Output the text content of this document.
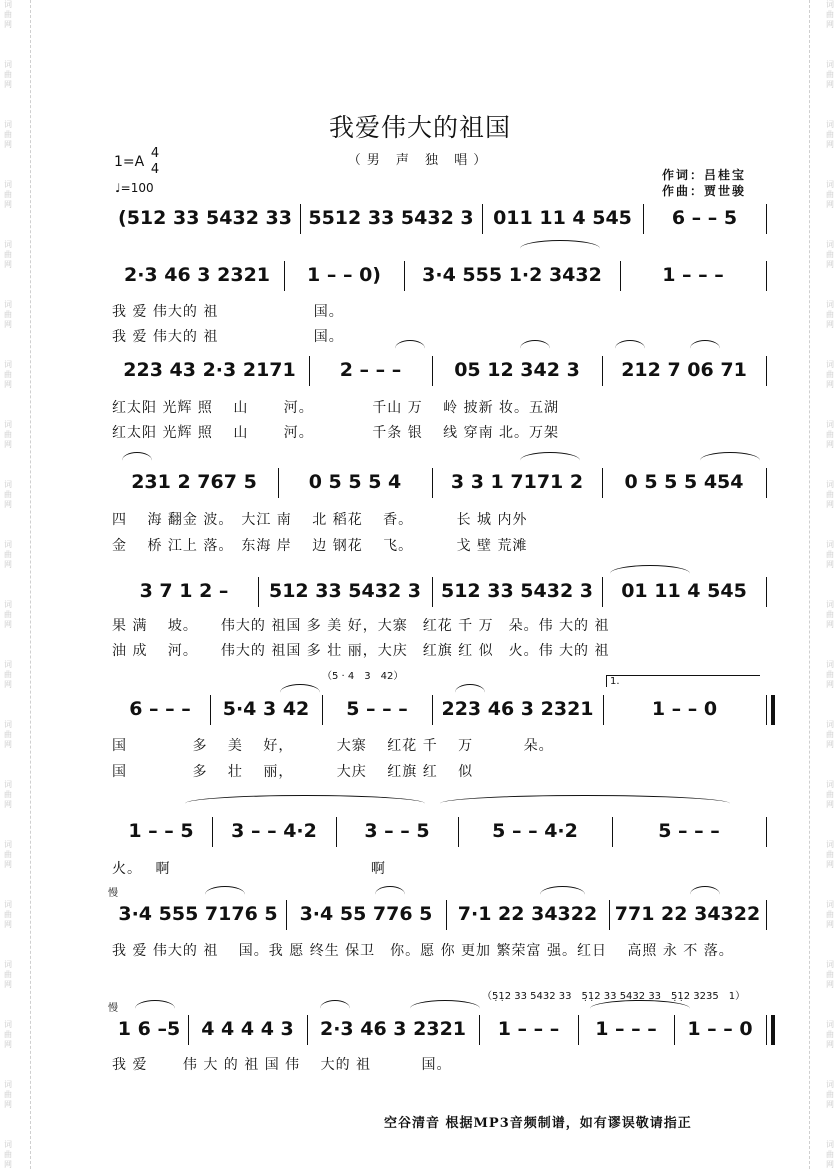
词曲网
词曲网
词曲网
词曲网
词曲网
词曲网
词曲网
词曲网
词曲网
词曲网
词曲网
词曲网
词曲网
词曲网
词曲网
词曲网
词曲网
词曲网
词曲网
词曲网
词曲网
词曲网
词曲网
词曲网
词曲网
词曲网
词曲网
词曲网
词曲网
词曲网
词曲网
词曲网
词曲网
词曲网
词曲网
词曲网
词曲网
词曲网
词曲网
词曲网
我爱伟大的祖国
（男 声 独 唱）
1=A
4
4
♩=100
作词：吕桂宝
作曲：贾世骏
(512 33 5432 33 5512 33 5432 3	011 11 4 545	6 – – 5
2·3 46 3 2321	1 – – 0)	3·4 555 1·2 3432	1 – – –
我 爱 伟大的 祖　　　　　　 国。
我 爱 伟大的 祖　　　　　　 国。
223 43 2·3 2171	2 – – –	05 12 342 3	212 7 06 71
红太阳 光辉 照　 山　　 河。　　　　 千山 万　 岭 披新 妆。五湖
红太阳 光辉 照　 山　　 河。　　　　 千条 银　 线 穿南 北。万架
231 2 767 5	0 5 5 5 4	3 3 1 7171 2	0 5 5 5 454
四　 海 翻金 波。　大江 南　 北 稻花　 香。　　　 长 城 内外
金　 桥 江上 落。　东海 岸　 边 钢花　 飞。　　　 戈 壁 荒滩
3 7 1 2 –	512 33 5432 3	512 33 5432 3	01 11 4 545
果 满　 坡。　　伟大的 祖国 多 美 好，大寨　红花 千 万　朵。伟 大的 祖
油 成　 河。　　伟大的 祖国 多 壮 丽，大庆　红旗 红 似　火。伟 大的 祖
6 – – –	5·4 3 42	5 – – –	223 46 3 2321	1 – – 0
国　　　　 多　 美　 好，　　　 大寨　 红花 千　 万　　　 朵。
国　　　　 多　 壮　 丽，　　　 大庆　 红旗 红　 似
（5 · 4　3　42）	1.
1 – – 5	3 – – 4·2	3 – – 5	5 – – 4·2	5 – – –
火。　 啊　　　　　　　　　　　　　 啊
3·4 555 7176 5	3·4 55 776 5	7·1 22 34322 771 22 34322
我 爱 伟大的 祖　 国。我 愿 终生 保卫　你。愿 你 更加 繁荣富 强。红日　 高照 永 不 落。
慢
1 6 –5	4 4 4 4 3	2·3 46 3 2321	1 – – –	1 – – –	1 – – 0
我 爱　　 伟 大 的 祖 国 伟　 大的 祖　　　 国。
（5̣1̣2 33 5432 33　5̣1̣2 33 5432 33　5̣1̣2 3235　1）
慢
空谷清音 根据MP3音频制谱，如有谬误敬请指正
